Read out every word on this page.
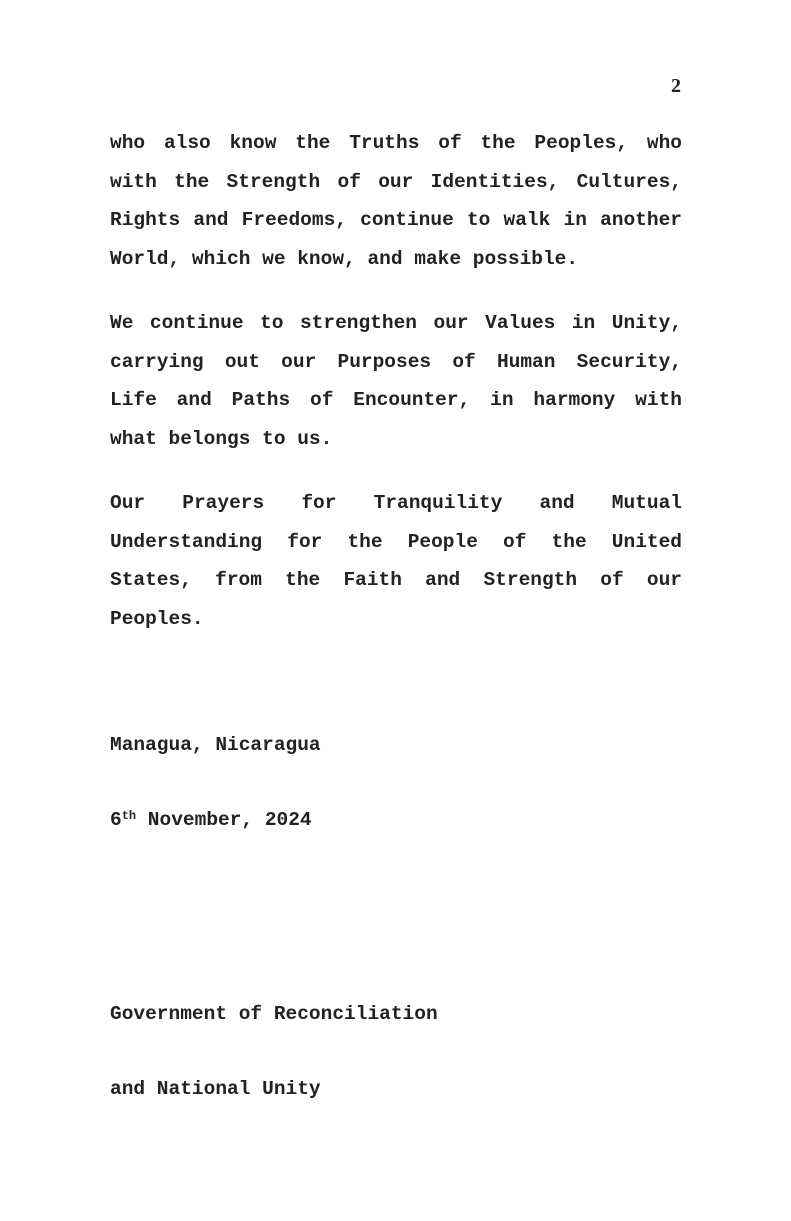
2

who also know the Truths of the Peoples, who with the Strength of our Identities, Cultures, Rights and Freedoms, continue to walk in another World, which we know, and make possible.

We continue to strengthen our Values in Unity, carrying out our Purposes of Human Security, Life and Paths of Encounter, in harmony with what belongs to us.

Our Prayers for Tranquility and Mutual Understanding for the People of the United States, from the Faith and Strength of our Peoples.

Managua, Nicaragua

6th November, 2024

Government of Reconciliation

and National Unity
